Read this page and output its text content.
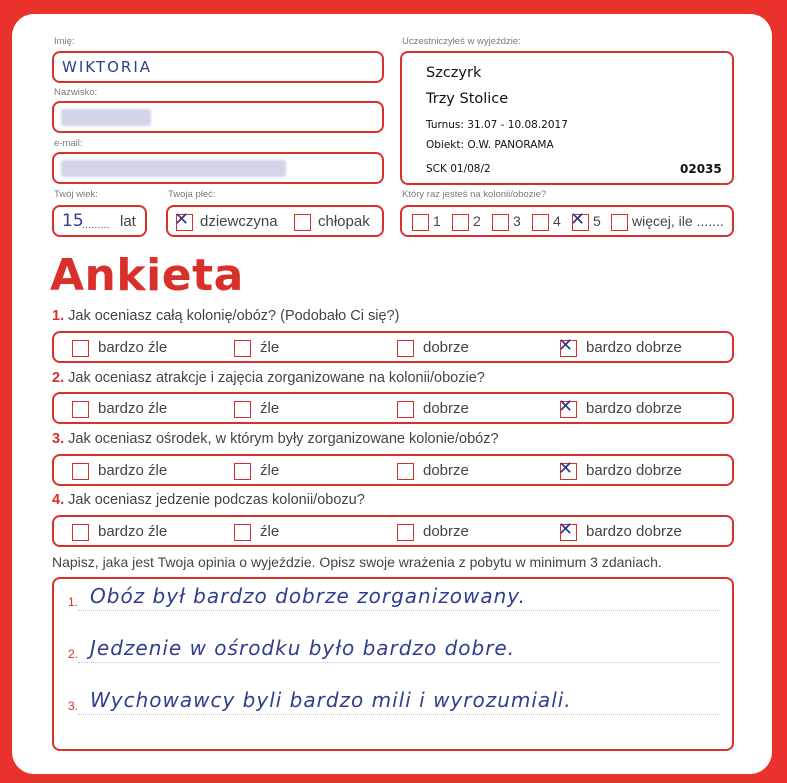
Imię:
WIKTORIA
Nazwisko:
e-mail:
Twój wiek:
15
......... lat
Twoja płeć:
✕ dziewczyna	chłopak
Uczestniczyłeś w wyjeździe:
Szczyrk
Trzy Stolice
Turnus: 31.07 - 10.08.2017
Obiekt: O.W. PANORAMA
SCK 01/08/2	02035
Który raz jesteś na kolonii/obozie?
1 2 3 4 ✕ 5 więcej, ile .......
Ankieta
1. Jak oceniasz całą kolonię/obóz? (Podobało Ci się?)
bardzo źle	źle	dobrze	✕ bardzo dobrze
2. Jak oceniasz atrakcje i zajęcia zorganizowane na kolonii/obozie?
bardzo źle	źle	dobrze	✕ bardzo dobrze
3. Jak oceniasz ośrodek, w którym były zorganizowane kolonie/obóz?
bardzo źle	źle	dobrze	✕ bardzo dobrze
4. Jak oceniasz jedzenie podczas kolonii/obozu?
bardzo źle	źle	dobrze	✕ bardzo dobrze
Napisz, jaka jest Twoja opinia o wyjeździe. Opisz swoje wrażenia z pobytu w minimum 3 zdaniach.
1. Obóz był bardzo dobrze zorganizowany.
2. Jedzenie w ośrodku było bardzo dobre.
3. Wychowawcy byli bardzo mili i wyrozumiali.
